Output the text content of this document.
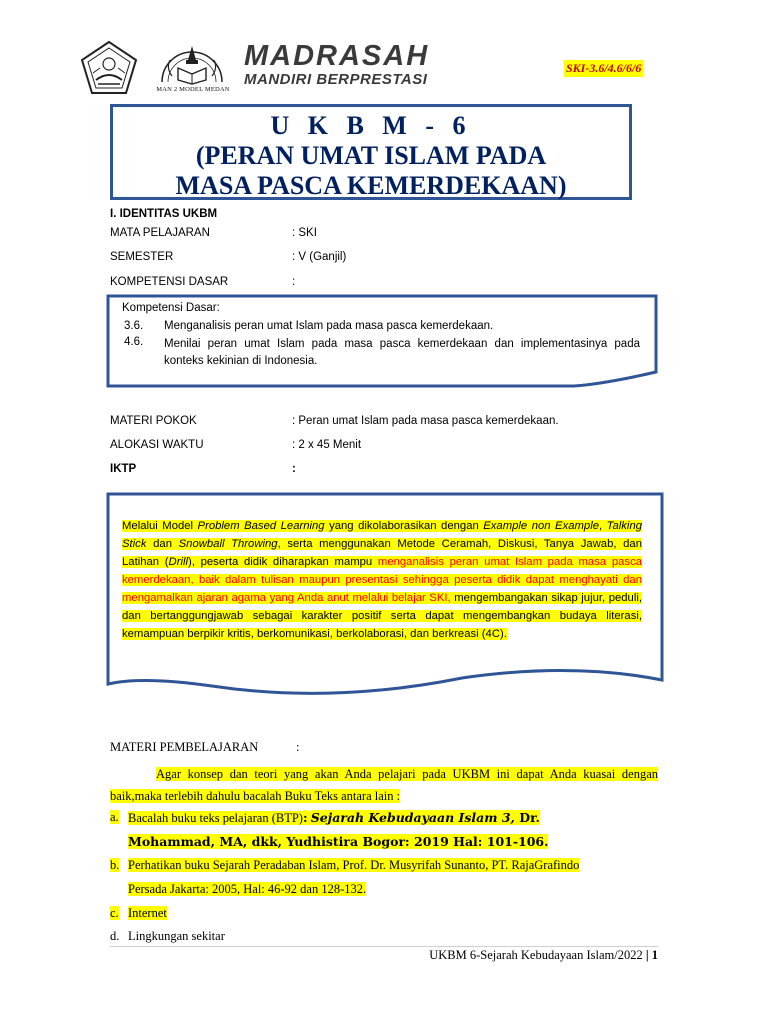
MAN 2 MODEL MEDAN
MADRASAH
MANDIRI BERPRESTASI
SKI-3.6/4.6/6/6
U K B M - 6
(PERAN UMAT ISLAM PADA
MASA PASCA KEMERDEKAAN)
I. IDENTITAS UKBM
MATA PELAJARAN	: SKI
SEMESTER	: V (Ganjil)
KOMPETENSI DASAR	:
Kompetensi Dasar:
3.6. Menganalisis peran umat Islam pada masa pasca kemerdekaan.
4.6. Menilai peran umat Islam pada masa pasca kemerdekaan dan implementasinya pada konteks kekinian di Indonesia.
MATERI POKOK	: Peran umat Islam pada masa pasca kemerdekaan.
ALOKASI WAKTU	: 2 x 45 Menit
IKTP	:
Melalui Model Problem Based Learning yang dikolaborasikan dengan Example non Example, Talking Stick dan Snowball Throwing, serta menggunakan Metode Ceramah, Diskusi, Tanya Jawab, dan Latihan (Drill), peserta didik diharapkan mampu menganalisis peran umat Islam pada masa pasca kemerdekaan, baik dalam tulisan maupun presentasi sehingga peserta didik dapat menghayati dan mengamalkan ajaran agama yang Anda anut melalui belajar SKI, mengembangakan sikap jujur, peduli, dan bertanggungjawab sebagai karakter positif serta dapat mengembangkan budaya literasi, kemampuan berpikir kritis, berkomunikasi, berkolaborasi, dan berkreasi (4C).
MATERI PEMBELAJARAN	:
Agar konsep dan teori yang akan Anda pelajari pada UKBM ini dapat Anda kuasai dengan baik,maka terlebih dahulu bacalah Buku Teks antara lain :
a. Bacalah buku teks pelajaran (BTP): Sejarah Kebudayaan Islam 3, Dr.
Mohammad, MA, dkk, Yudhistira Bogor: 2019 Hal: 101-106.
b. Perhatikan buku Sejarah Peradaban Islam, Prof. Dr. Musyrifah Sunanto, PT. RajaGrafindo
Persada Jakarta: 2005, Hal: 46-92 dan 128-132.
c. Internet
d. Lingkungan sekitar
UKBM 6-Sejarah Kebudayaan Islam/2022 | 1
